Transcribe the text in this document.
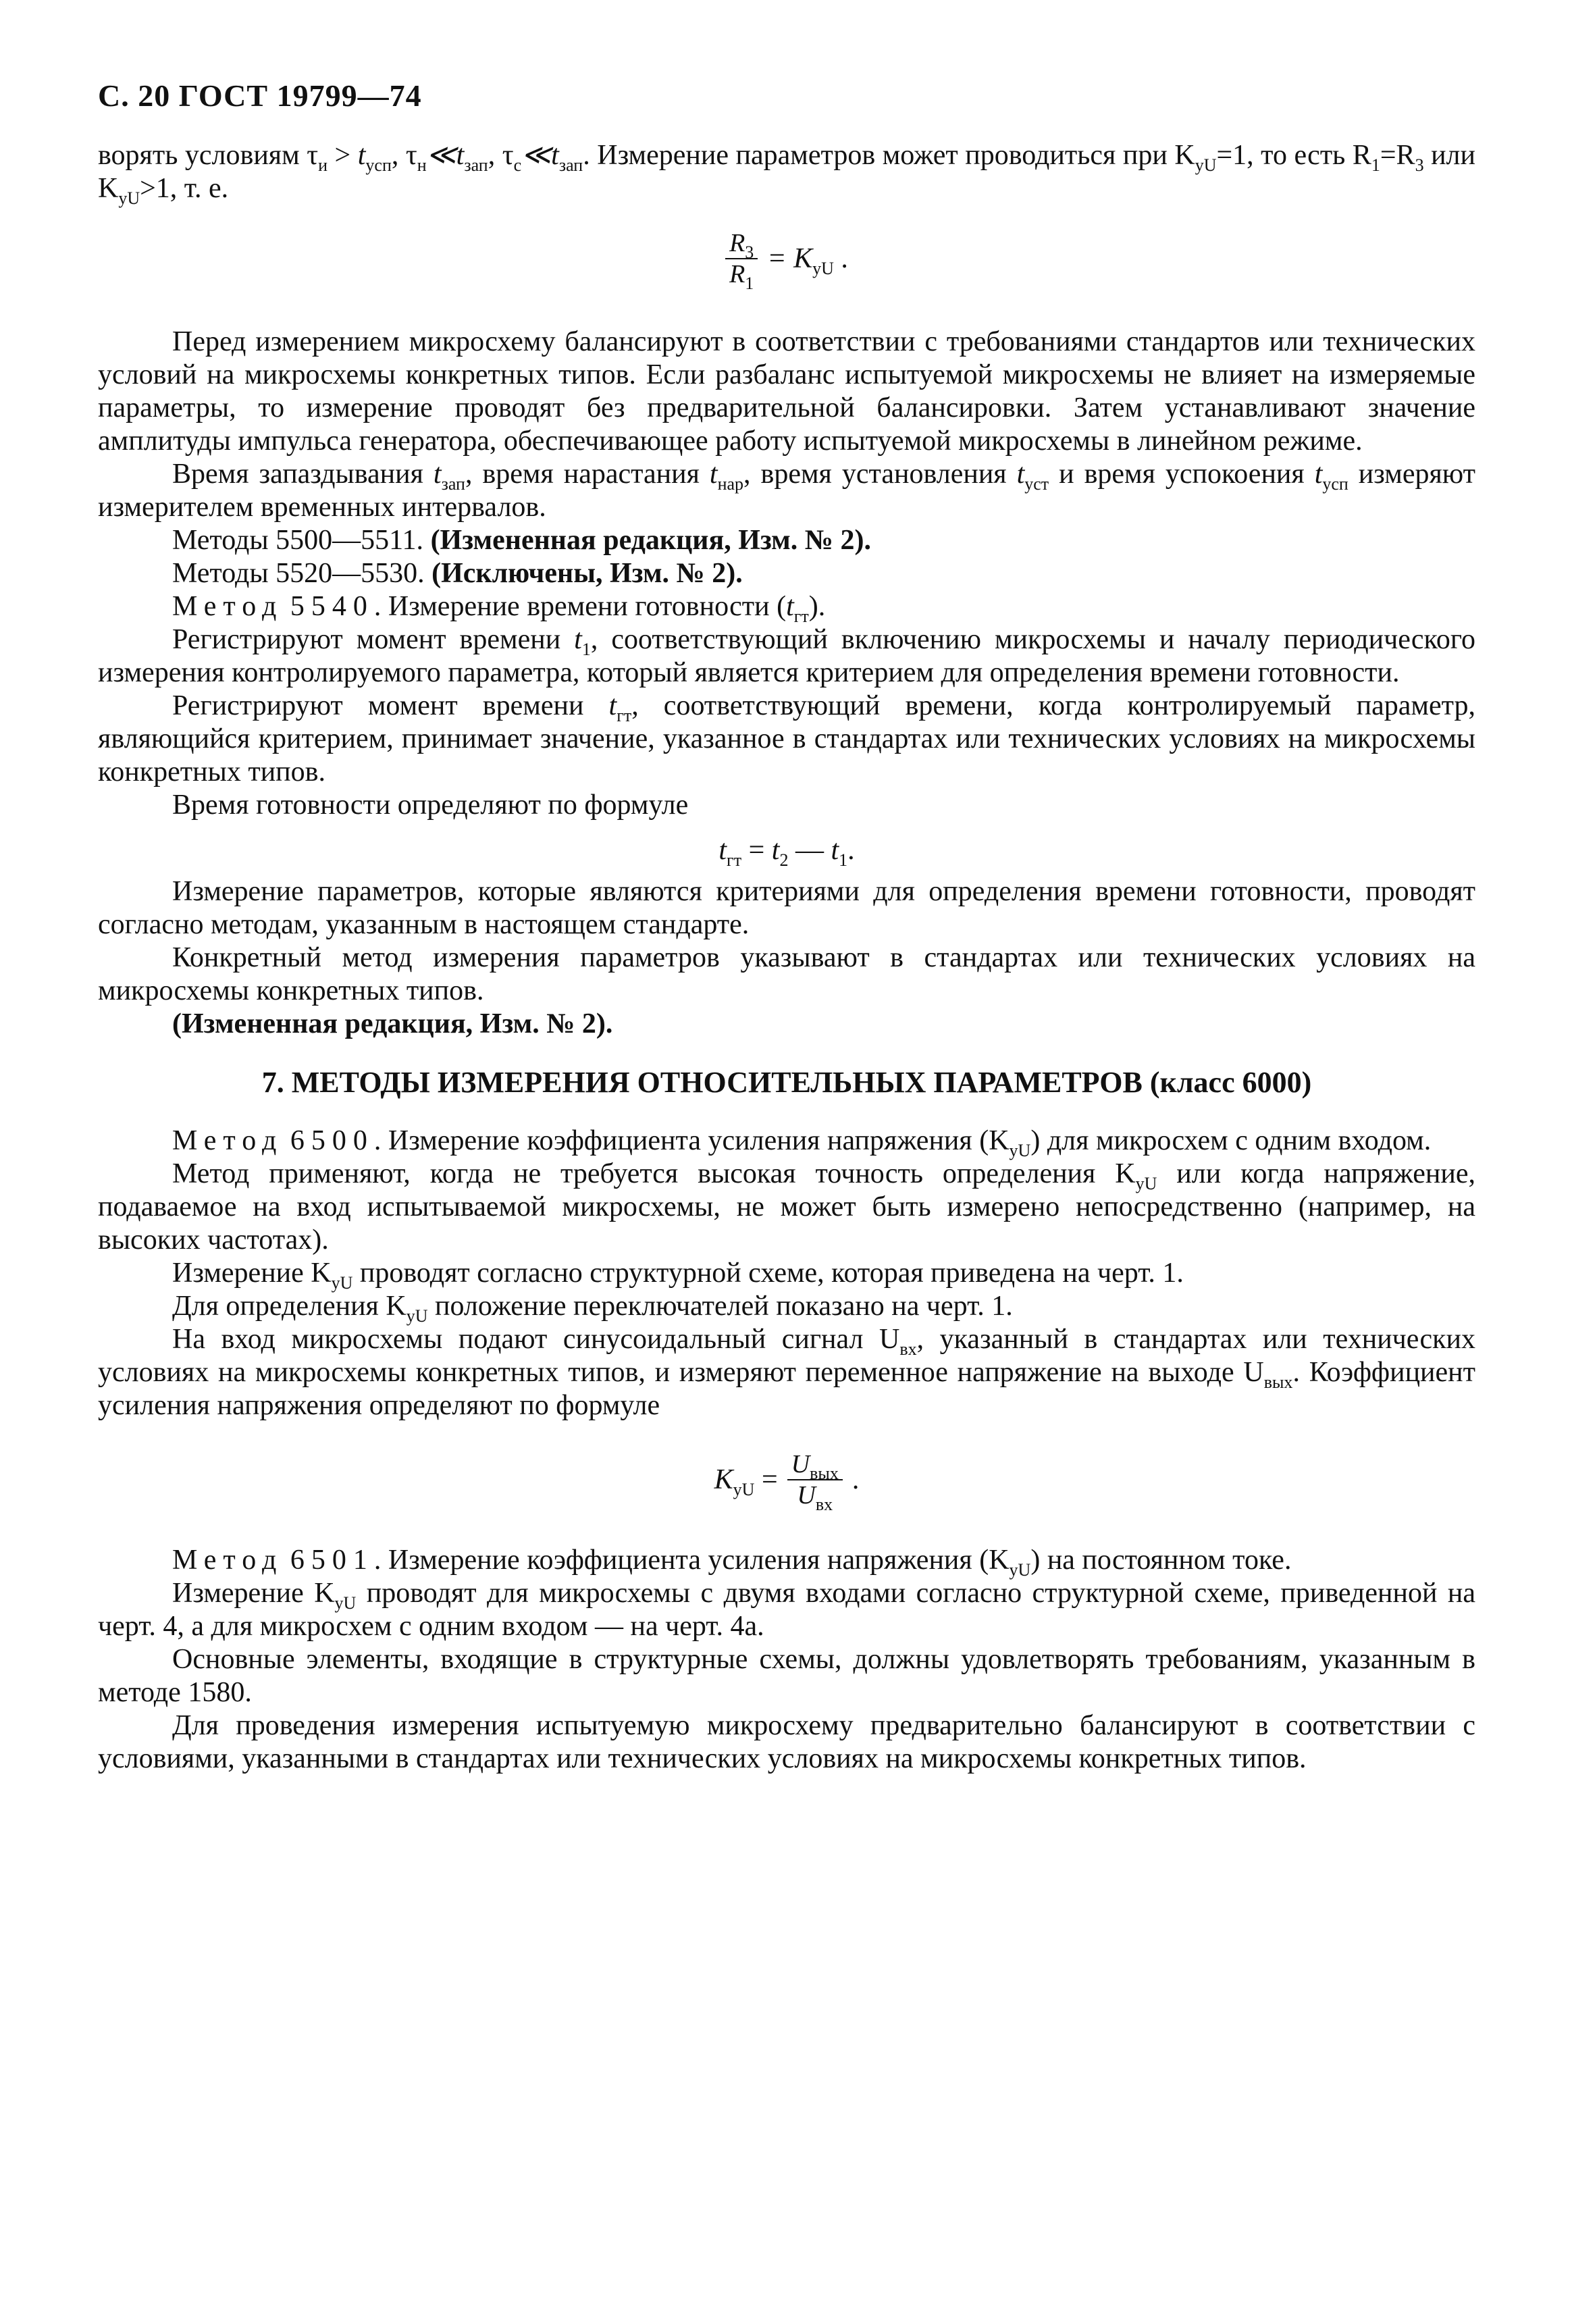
С. 20 ГОСТ 19799—74

ворять условиям $\tau_и > t_{усп}$, $\tau_н≪t_{зап}$, $\tau_с≪t_{зап}$. Измерение параметров может проводиться при $K_{уU}=1$, то есть $R_1=R_3$ или $K_{уU}>1$, т. е.

$\frac{R_3}{R_1} = K_{уU}$ .

Перед измерением микросхему балансируют в соответствии с требованиями стандартов или технических условий на микросхемы конкретных типов. Если разбаланс испытуемой микросхемы не влияет на измеряемые параметры, то измерение проводят без предварительной балансировки. Затем устанавливают значение амплитуды импульса генератора, обеспечивающее работу испытуемой микросхемы в линейном режиме.

Время запаздывания $t_{зап}$, время нарастания $t_{нар}$, время установления $t_{уст}$ и время успокоения $t_{усп}$ измеряют измерителем временных интервалов.

Методы 5500—5511. (Измененная редакция, Изм. № 2).

Методы 5520—5530. (Исключены, Изм. № 2).

Метод 5540. Измерение времени готовности $(t_{гт})$.

Регистрируют момент времени $t_1$, соответствующий включению микросхемы и началу периодического измерения контролируемого параметра, который является критерием для определения времени готовности.

Регистрируют момент времени $t_{гт}$, соответствующий времени, когда контролируемый параметр, являющийся критерием, принимает значение, указанное в стандартах или технических условиях на микросхемы конкретных типов.

Время готовности определяют по формуле

$t_{гт} = t_2$ — $t_1$.

Измерение параметров, которые являются критериями для определения времени готовности, проводят согласно методам, указанным в настоящем стандарте.

Конкретный метод измерения параметров указывают в стандартах или технических условиях на микросхемы конкретных типов.

(Измененная редакция, Изм. № 2).

7. МЕТОДЫ ИЗМЕРЕНИЯ ОТНОСИТЕЛЬНЫХ ПАРАМЕТРОВ (класс 6000)

Метод 6500. Измерение коэффициента усиления напряжения $(K_{уU})$ для микросхем с одним входом.

Метод применяют, когда не требуется высокая точность определения $K_{уU}$ или когда напряжение, подаваемое на вход испытываемой микросхемы, не может быть измерено непосредственно (например, на высоких частотах).

Измерение $K_{уU}$ проводят согласно структурной схеме, которая приведена на черт. 1.

Для определения $K_{уU}$ положение переключателей показано на черт. 1.

На вход микросхемы подают синусоидальный сигнал $U_{вх}$, указанный в стандартах или технических условиях на микросхемы конкретных типов, и измеряют переменное напряжение на выходе $U_{вых}$. Коэффициент усиления напряжения определяют по формуле

$K_{уU} = \frac{U_{вых}}{U_{вх}}$ .

Метод 6501. Измерение коэффициента усиления напряжения $(K_{уU})$ на постоянном токе.

Измерение $K_{уU}$ проводят для микросхемы с двумя входами согласно структурной схеме, приведенной на черт. 4, а для микросхем с одним входом — на черт. 4а.

Основные элементы, входящие в структурные схемы, должны удовлетворять требованиям, указанным в методе 1580.

Для проведения измерения испытуемую микросхему предварительно балансируют в соответствии с условиями, указанными в стандартах или технических условиях на микросхемы конкретных типов.
